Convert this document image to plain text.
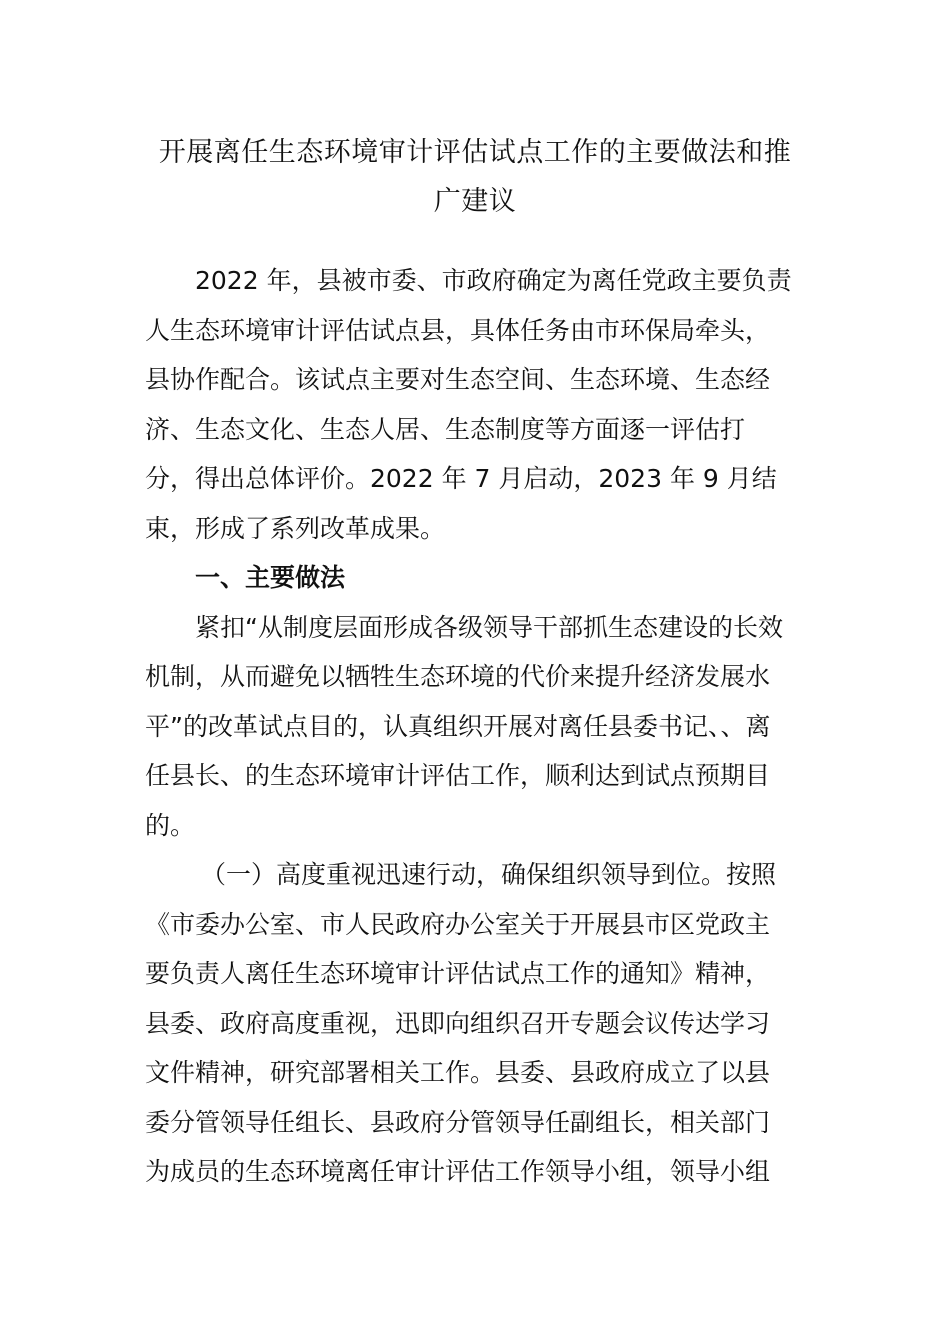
开展离任生态环境审计评估试点工作的主要做法和推
广建议
2022 年，县被市委、市政府确定为离任党政主要负责
人生态环境审计评估试点县，具体任务由市环保局牵头，
县协作配合。该试点主要对生态空间、生态环境、生态经
济、生态文化、生态人居、生态制度等方面逐一评估打
分，得出总体评价。2022 年 7 月启动，2023 年 9 月结
束，形成了系列改革成果。
一、主要做法
紧扣“从制度层面形成各级领导干部抓生态建设的长效
机制，从而避免以牺牲生态环境的代价来提升经济发展水
平”的改革试点目的，认真组织开展对离任县委书记、、离
任县长、的生态环境审计评估工作，顺利达到试点预期目
的。
（一）高度重视迅速行动，确保组织领导到位。按照
《市委办公室、市人民政府办公室关于开展县市区党政主
要负责人离任生态环境审计评估试点工作的通知》精神，
县委、政府高度重视，迅即向组织召开专题会议传达学习
文件精神，研究部署相关工作。县委、县政府成立了以县
委分管领导任组长、县政府分管领导任副组长，相关部门
为成员的生态环境离任审计评估工作领导小组，领导小组
